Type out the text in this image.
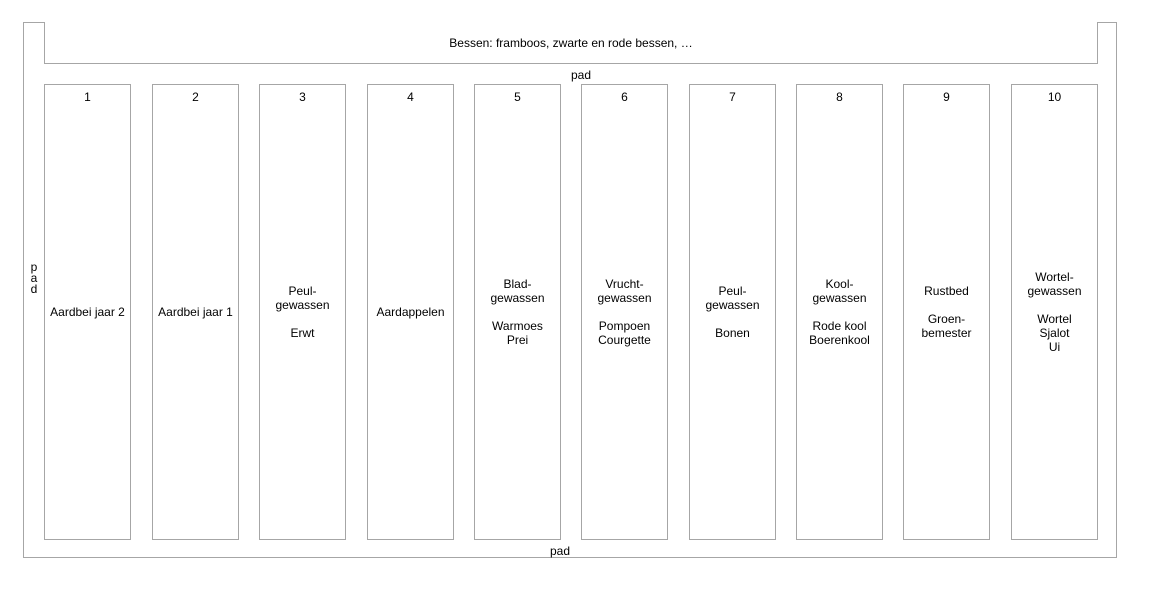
Bessen: framboos, zwarte en rode bessen, …
pad
pad
pad
1
Aardbei jaar 2
2
Aardbei jaar 1
3
Peul-
gewassen

Erwt
4
Aardappelen
5
Blad-
gewassen

Warmoes
Prei
6
Vrucht-
gewassen

Pompoen
Courgette
7
Peul-
gewassen

Bonen
8
Kool-
gewassen

Rode kool
Boerenkool
9
Rustbed

Groen-
bemester
10
Wortel-
gewassen

Wortel
Sjalot
Ui
